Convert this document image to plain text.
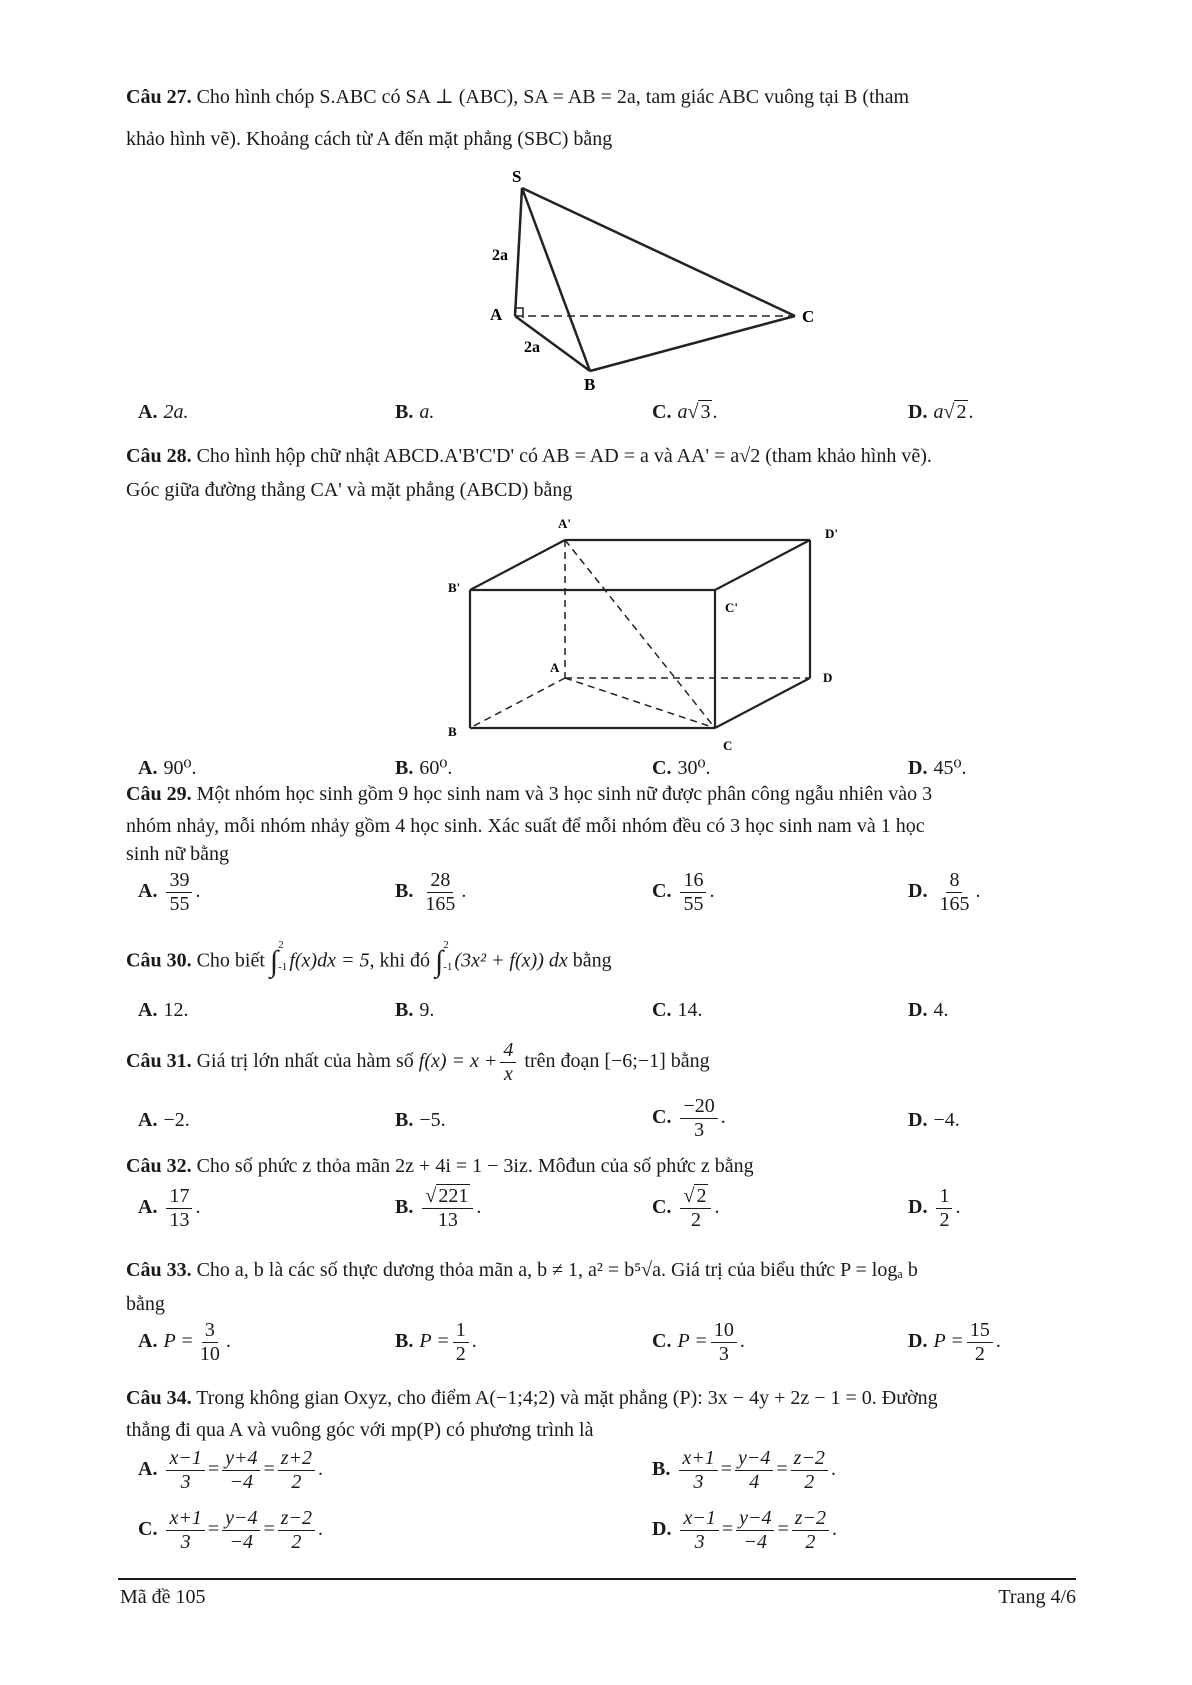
Câu 27. Cho hình chóp S.ABC có SA ⊥ (ABC), SA = AB = 2a, tam giác ABC vuông tại B (tham
khảo hình vẽ). Khoảng cách từ A đến mặt phẳng (SBC) bằng
S
A
B
C
2a
2a
A. 2a.	B. a.	C. a√ 3 .	D. a√ 2 .
Câu 28. Cho hình hộp chữ nhật ABCD.A'B'C'D' có AB = AD = a và AA' = a√2 (tham khảo hình vẽ).
Góc giữa đường thẳng CA' và mặt phẳng (ABCD) bằng
A'
D'
B'
C'
A
D
B
C
A. 90⁰.	B. 60⁰.	C. 30⁰.	D. 45⁰.
Câu 29. Một nhóm học sinh gồm 9 học sinh nam và 3 học sinh nữ được phân công ngẫu nhiên vào 3
nhóm nhảy, mỗi nhóm nhảy gồm 4 học sinh. Xác suất để mỗi nhóm đều có 3 học sinh nam và 1 học
sinh nữ bằng
A. $\frac{39}{55}$ .	B. $\frac{28}{165}$ .	C. $\frac{16}{55}$ .	D. $\frac{8}{165}$ .
Câu 30. Cho biết ∫ 2
-1 f(x)dx = 5, khi đó ∫ 2
-1 (3x² + f(x)) dx bằng
A. 12.	B. 9.	C. 14.	D. 4.
Câu 31. Giá trị lớn nhất của hàm số $f(x) = x + \frac{4}{x}$ trên đoạn [−6;−1] bằng
A. −2.	B. −5.	C. $\frac{-20}{3}$ .	D. −4.
Câu 32. Cho số phức z thỏa mãn 2z + 4i = 1 − 3iz. Môđun của số phức z bằng
A. $\frac{17}{13}$ .	B. $\frac{√ 221}{13}$ .	C. $\frac{√ 2}{2}$ .	D. $\frac{1}{2}$ .
Câu 33. Cho a, b là các số thực dương thỏa mãn a, b ≠ 1, a² = b⁵√a. Giá trị của biểu thức P = logₐ b
bằng
A. $P = \frac{3}{10}$ .	B. $P = \frac{1}{2}$ .	C. $P = \frac{10}{3}$ .	D. $P = \frac{15}{2}$ .
Câu 34. Trong không gian Oxyz, cho điểm A(−1;4;2) và mặt phẳng (P): 3x − 4y + 2z − 1 = 0. Đường
thẳng đi qua A và vuông góc với mp(P) có phương trình là
A. $\frac{x-1}{3} = \frac{y+4}{-4} = \frac{z+2}{2}$ .	B. $\frac{x+1}{3} = \frac{y-4}{4} = \frac{z-2}{2}$ .
C. $\frac{x+1}{3} = \frac{y-4}{-4} = \frac{z-2}{2}$ .	D. $\frac{x-1}{3} = \frac{y-4}{-4} = \frac{z-2}{2}$ .
Mã đề 105	Trang 4/6
